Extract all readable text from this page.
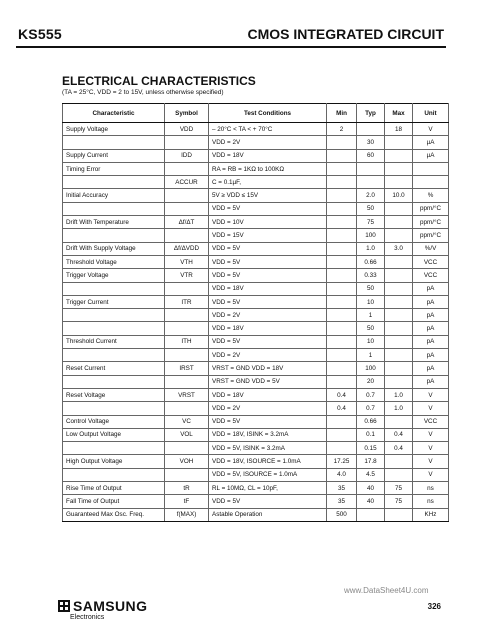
KS555	CMOS INTEGRATED CIRCUIT
ELECTRICAL CHARACTERISTICS
(TA = 25°C, VDD = 2 to 15V, unless otherwise specified)
Characteristic	Symbol	Test Conditions	Min	Typ	Max	Unit
Supply Voltage	VDD	– 20°C < TA < + 70°C	2		18	V
		VDD = 2V		30		µA
Supply Current	IDD	VDD = 18V		60		µA
Timing Error		RA = RB = 1KΩ to 100KΩ				
	ACCUR	C = 0.1µF,				
Initial Accuracy		5V ≥ VDD ≤ 15V		2.0	10.0	%
		VDD = 5V		50		ppm/°C
Drift With Temperature	Δf/ΔT	VDD = 10V		75		ppm/°C
		VDD = 15V		100		ppm/°C
Drift With Supply Voltage	Δf/ΔVDD	VDD = 5V		1.0	3.0	%/V
Threshold Voltage	VTH	VDD = 5V		0.66		VCC
Trigger Voltage	VTR	VDD = 5V		0.33		VCC
		VDD = 18V		50		pA
Trigger Current	ITR	VDD = 5V		10		pA
		VDD = 2V		1		pA
		VDD = 18V		50		pA
Threshold Current	ITH	VDD = 5V		10		pA
		VDD = 2V		1		pA
Reset Current	IRST	VRST = GND VDD = 18V		100		pA
		VRST = GND VDD = 5V		20		pA
Reset Voltage	VRST	VDD = 18V	0.4	0.7	1.0	V
		VDD = 2V	0.4	0.7	1.0	V
Control Voltage	VC	VDD = 5V		0.66		VCC
Low Output Voltage	VOL	VDD = 18V, ISINK = 3.2mA		0.1	0.4	V
		VDD = 5V, ISINK = 3.2mA		0.15	0.4	V
High Output Voltage	VOH	VDD = 18V, ISOURCE = 1.0mA	17.25	17.8		V
		VDD = 5V, ISOURCE = 1.0mA	4.0	4.5		V
Rise Time of Output	tR	RL = 10MΩ, CL = 10pF,	35	40	75	ns
Fall Time of Output	tF	VDD = 5V	35	40	75	ns
Guaranteed Max Osc. Freq.	f(MAX)	Astable Operation	500			KHz
www.DataSheet4U.com
SAMSUNG
Electronics
326
